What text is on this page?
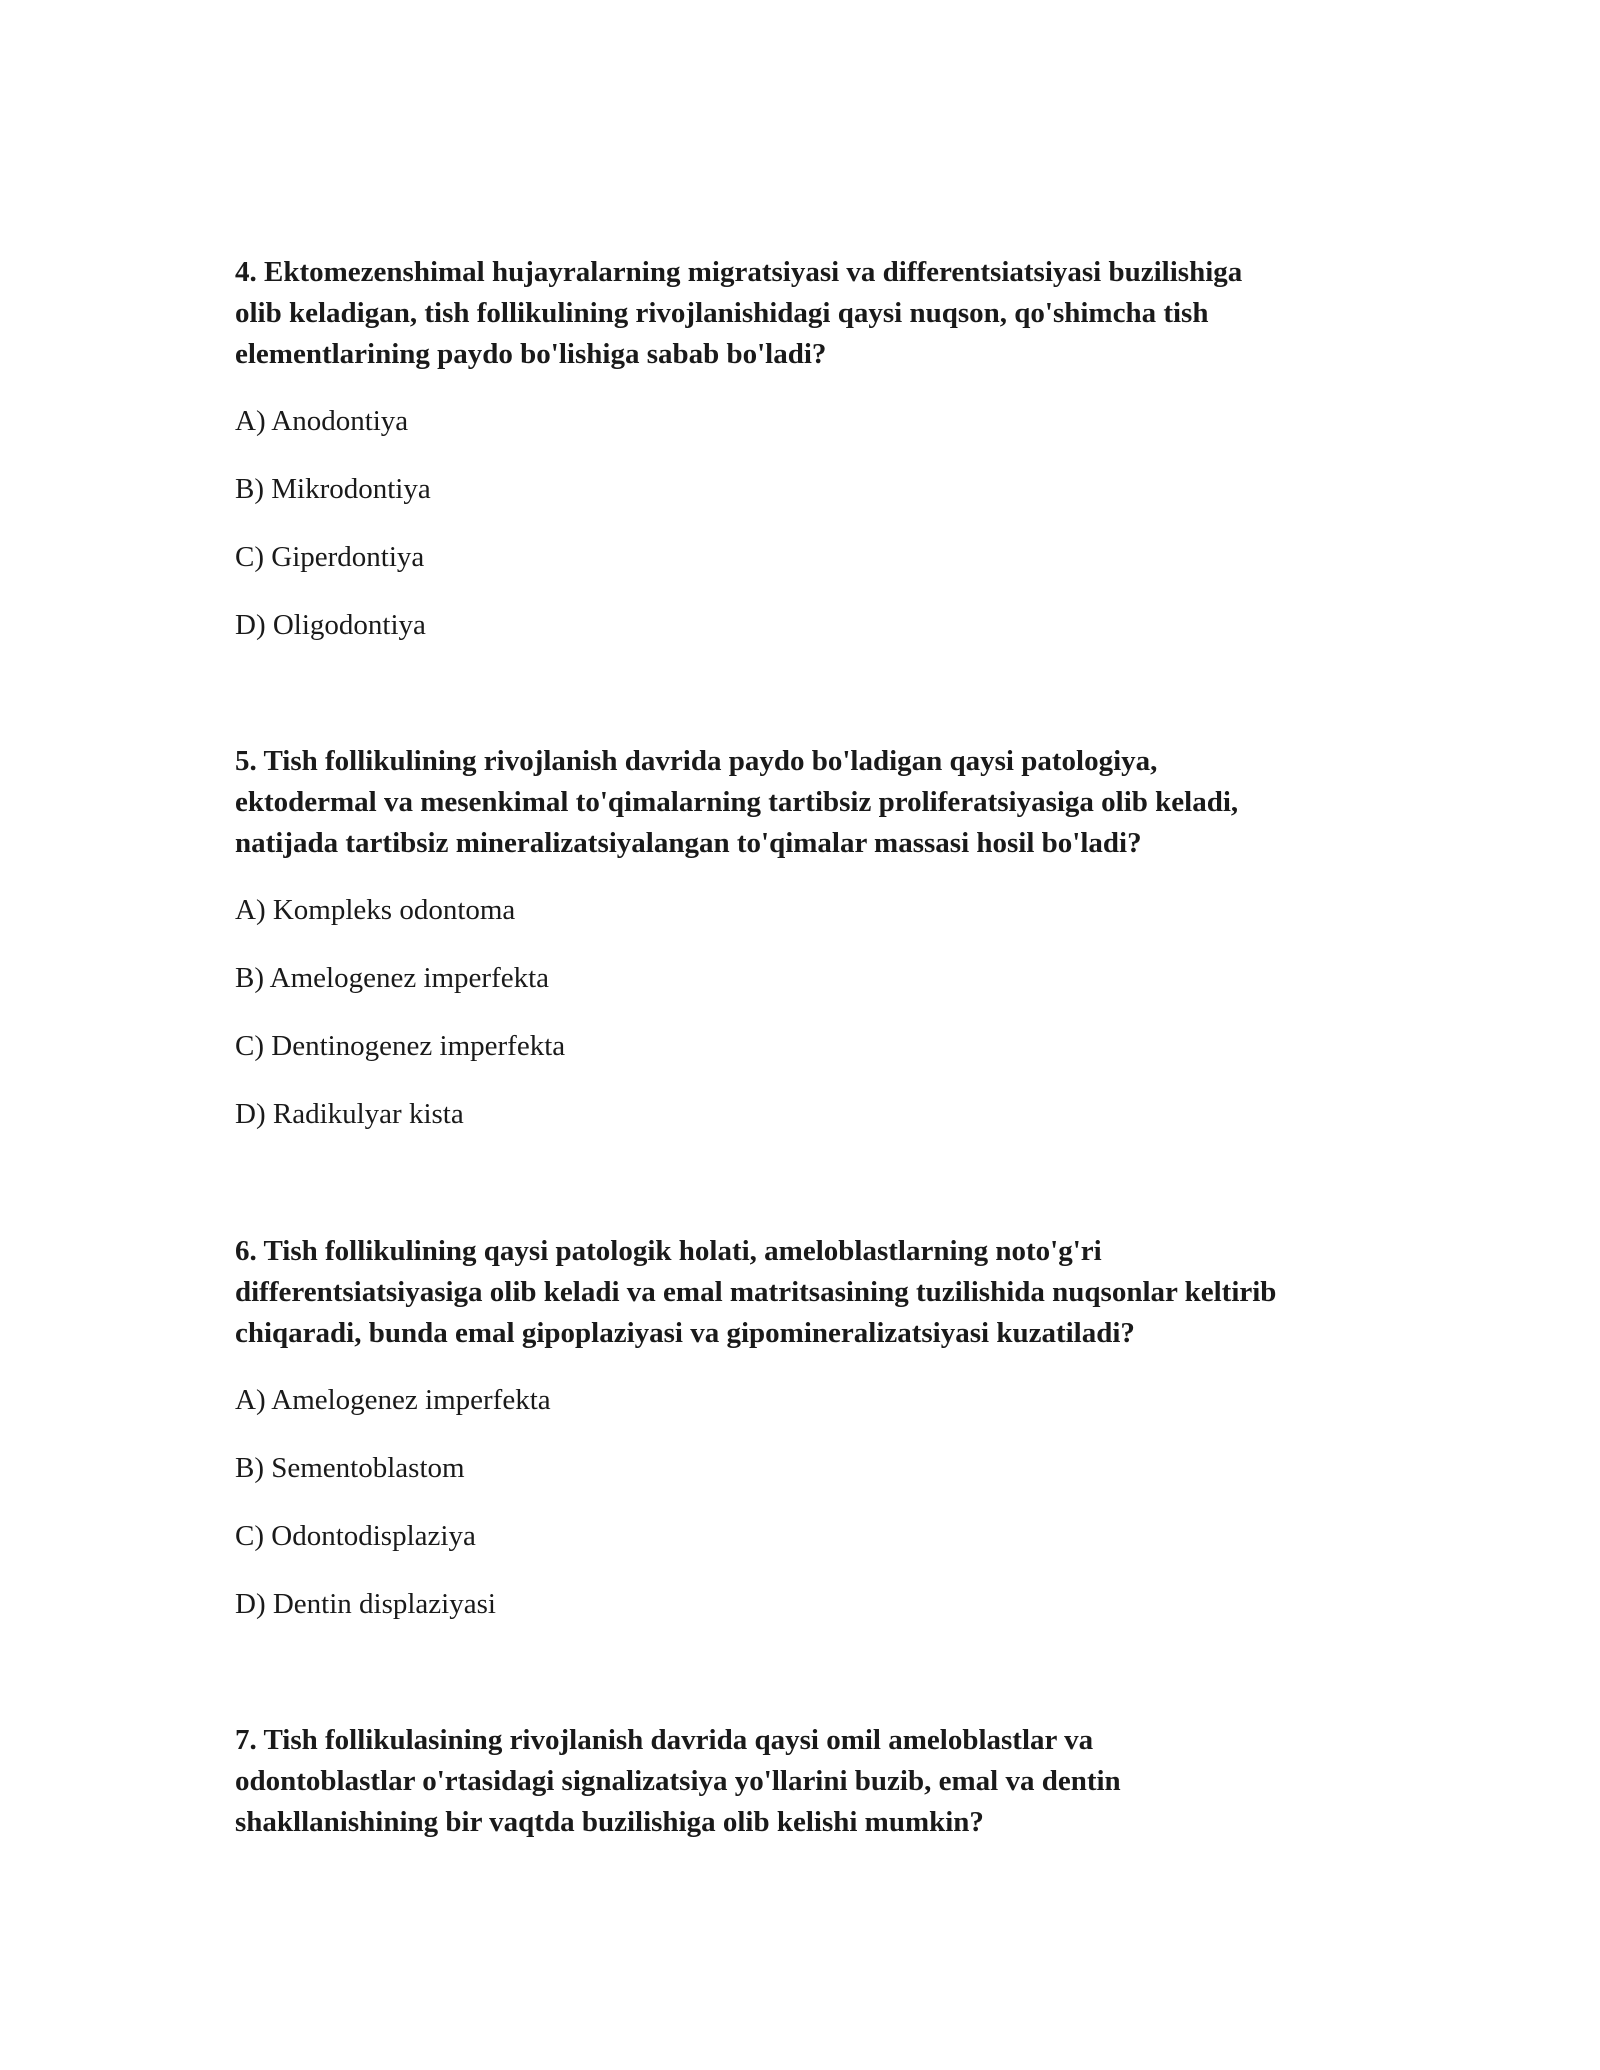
4. Ektomezenshimal hujayralarning migratsiyasi va differentsiatsiyasi buzilishiga
olib keladigan, tish follikulining rivojlanishidagi qaysi nuqson, qo'shimcha tish
elementlarining paydo bo'lishiga sabab bo'ladi?

A) Anodontiya
B) Mikrodontiya
C) Giperdontiya
D) Oligodontiya

5. Tish follikulining rivojlanish davrida paydo bo'ladigan qaysi patologiya,
ektodermal va mesenkimal to'qimalarning tartibsiz proliferatsiyasiga olib keladi,
natijada tartibsiz mineralizatsiyalangan to'qimalar massasi hosil bo'ladi?

A) Kompleks odontoma
B) Amelogenez imperfekta
C) Dentinogenez imperfekta
D) Radikulyar kista

6. Tish follikulining qaysi patologik holati, ameloblastlarning noto'g'ri
differentsiatsiyasiga olib keladi va emal matritsasining tuzilishida nuqsonlar keltirib
chiqaradi, bunda emal gipoplaziyasi va gipomineralizatsiyasi kuzatiladi?

A) Amelogenez imperfekta
B) Sementoblastom
C) Odontodisplaziya
D) Dentin displaziyasi

7. Tish follikulasining rivojlanish davrida qaysi omil ameloblastlar va
odontoblastlar o'rtasidagi signalizatsiya yo'llarini buzib, emal va dentin
shakllanishining bir vaqtda buzilishiga olib kelishi mumkin?
